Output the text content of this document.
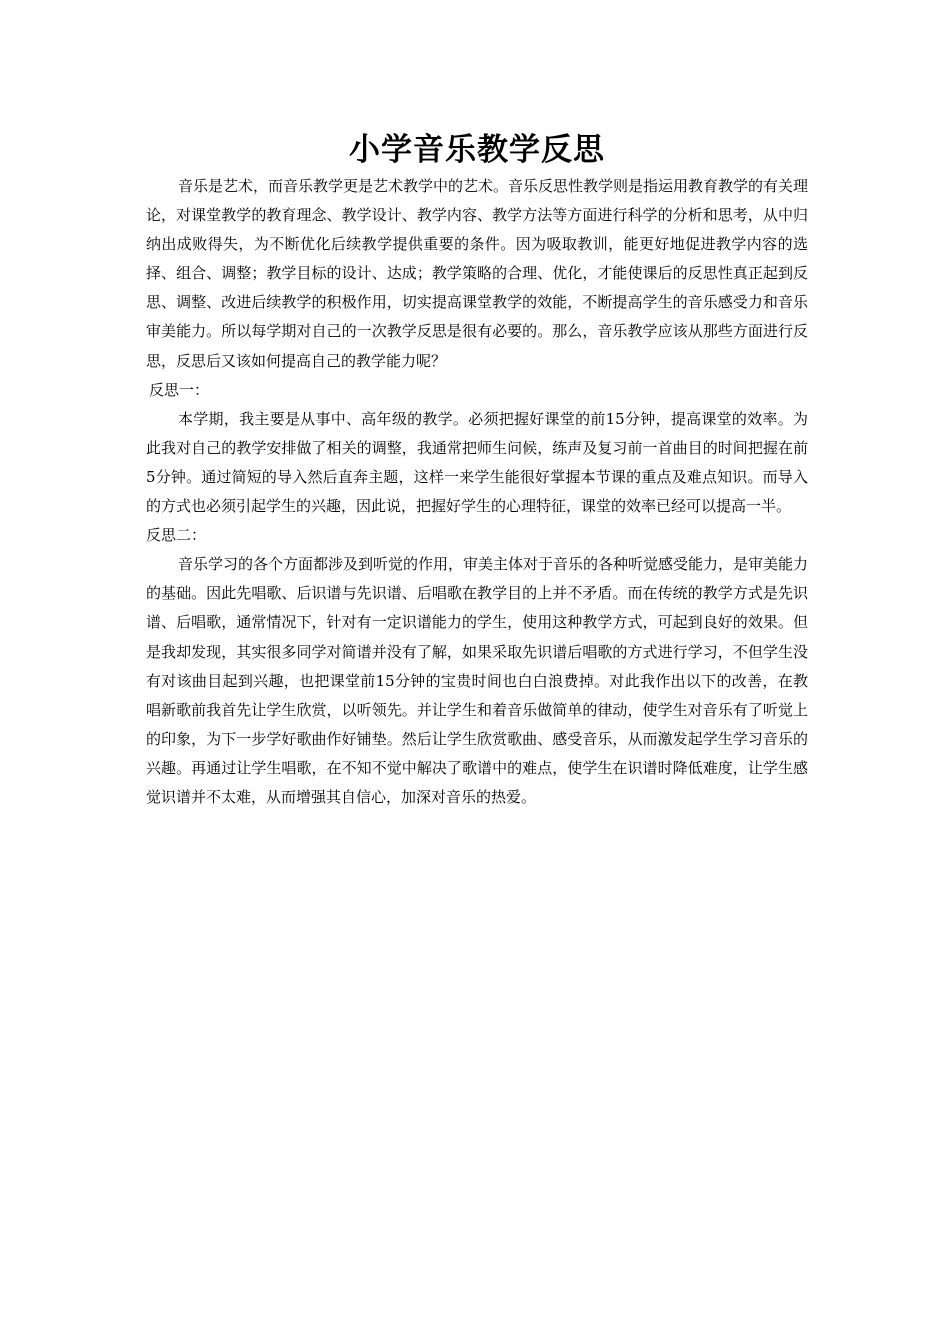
小学音乐教学反思

音乐是艺术，而音乐教学更是艺术教学中的艺术。音乐反思性教学则是指运用教育教学的有关理论，对课堂教学的教育理念、教学设计、教学内容、教学方法等方面进行科学的分析和思考，从中归纳出成败得失，为不断优化后续教学提供重要的条件。因为吸取教训，能更好地促进教学内容的选择、组合、调整；教学目标的设计、达成；教学策略的合理、优化，才能使课后的反思性真正起到反思、调整、改进后续教学的积极作用，切实提高课堂教学的效能，不断提高学生的音乐感受力和音乐审美能力。所以每学期对自己的一次教学反思是很有必要的。那么，音乐教学应该从那些方面进行反思，反思后又该如何提高自己的教学能力呢？

反思一：

本学期，我主要是从事中、高年级的教学。必须把握好课堂的前15分钟，提高课堂的效率。为此我对自己的教学安排做了相关的调整，我通常把师生问候，练声及复习前一首曲目的时间把握在前5分钟。通过简短的导入然后直奔主题，这样一来学生能很好掌握本节课的重点及难点知识。而导入的方式也必须引起学生的兴趣，因此说，把握好学生的心理特征，课堂的效率已经可以提高一半。

反思二：

音乐学习的各个方面都涉及到听觉的作用，审美主体对于音乐的各种听觉感受能力，是审美能力的基础。因此先唱歌、后识谱与先识谱、后唱歌在教学目的上并不矛盾。而在传统的教学方式是先识谱、后唱歌，通常情况下，针对有一定识谱能力的学生，使用这种教学方式，可起到良好的效果。但是我却发现，其实很多同学对简谱并没有了解，如果采取先识谱后唱歌的方式进行学习，不但学生没有对该曲目起到兴趣，也把课堂前15分钟的宝贵时间也白白浪费掉。对此我作出以下的改善，在教唱新歌前我首先让学生欣赏，以听领先。并让学生和着音乐做简单的律动，使学生对音乐有了听觉上的印象，为下一步学好歌曲作好铺垫。然后让学生欣赏歌曲、感受音乐，从而激发起学生学习音乐的兴趣。再通过让学生唱歌，在不知不觉中解决了歌谱中的难点，使学生在识谱时降低难度，让学生感觉识谱并不太难，从而增强其自信心，加深对音乐的热爱。
